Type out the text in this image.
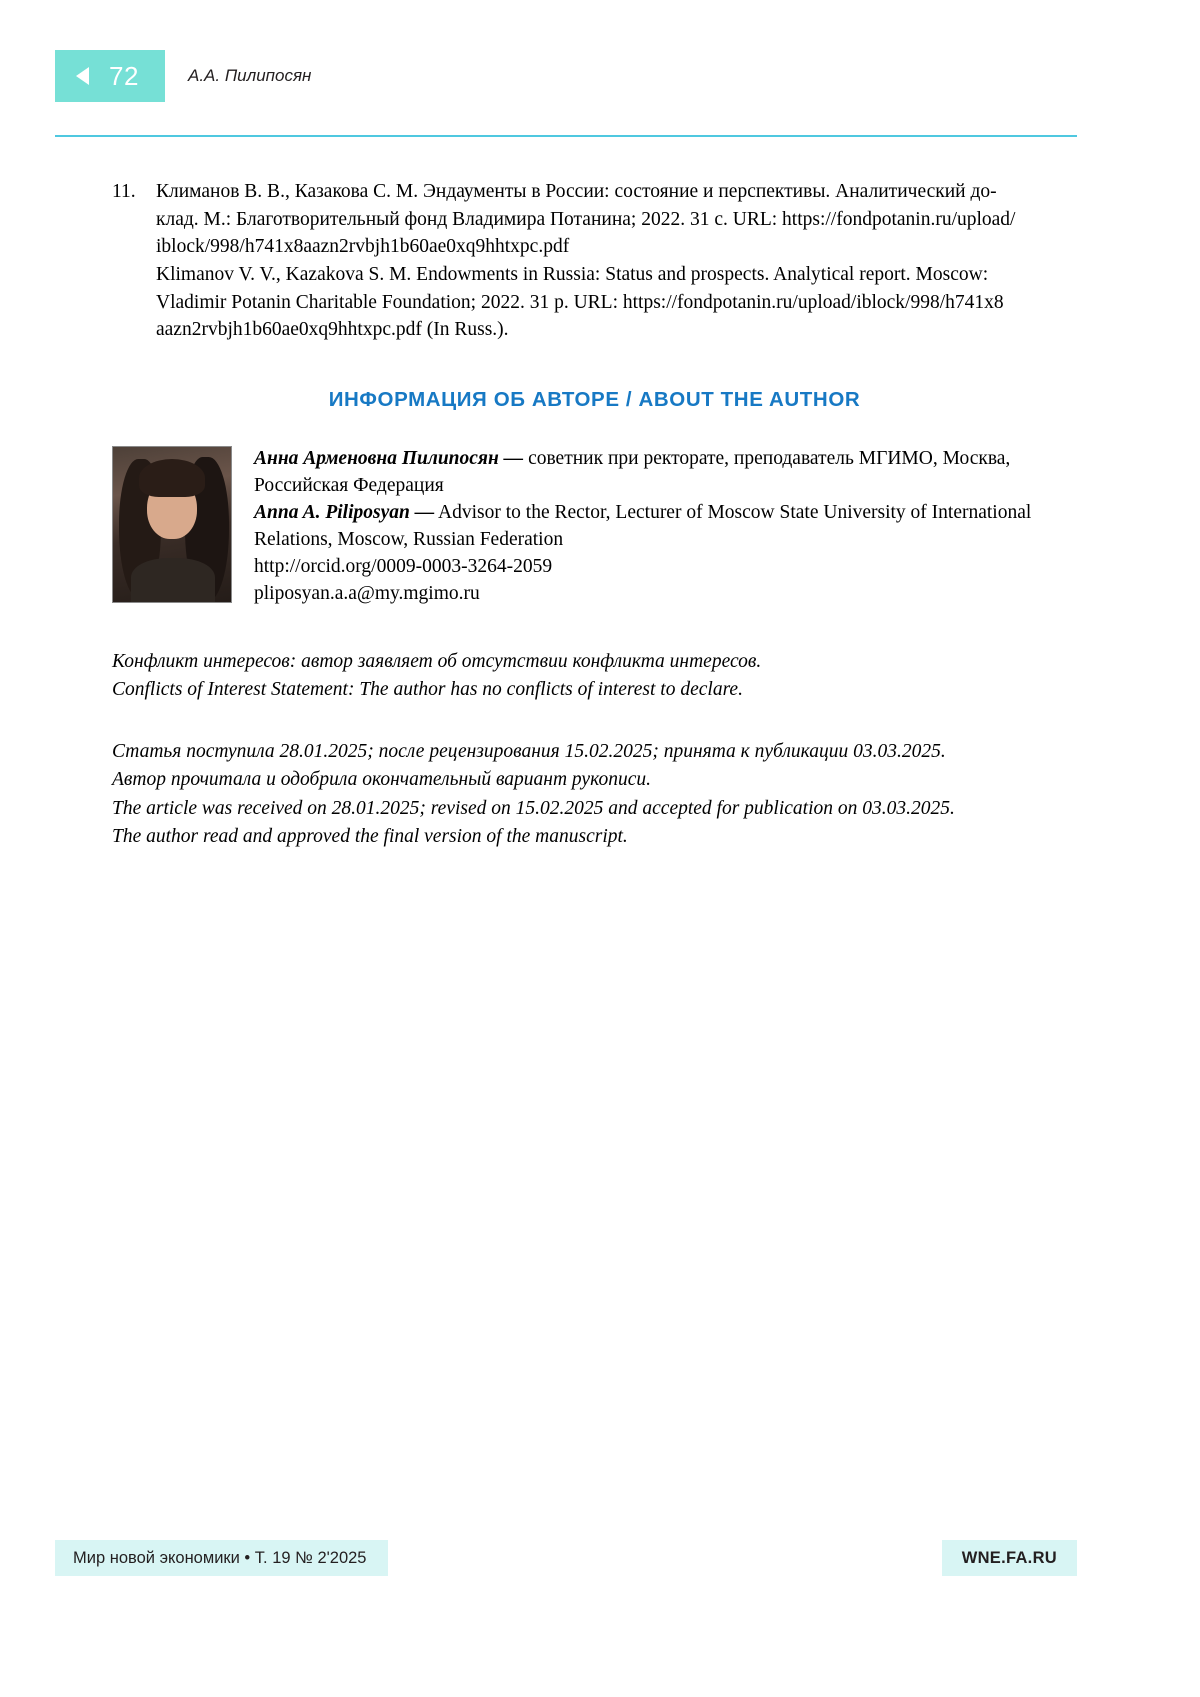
72	А.А. Пилипосян
11.	Климанов В. В., Казакова С. М. Эндаументы в России: состояние и перспективы. Аналитический до-
клад. М.: Благотворительный фонд Владимира Потанина; 2022. 31 с. URL: https://fondpotanin.ru/upload/
iblock/998/h741x8aazn2rvbjh1b60ae0xq9hhtxpc.pdf
Klimanov V. V., Kazakova S. M. Endowments in Russia: Status and prospects. Analytical report. Moscow:
Vladimir Potanin Charitable Foundation; 2022. 31 p. URL: https://fondpotanin.ru/upload/iblock/998/h741x8
aazn2rvbjh1b60ae0xq9hhtxpc.pdf (In Russ.).
ИНФОРМАЦИЯ ОБ АВТОРЕ / ABOUT THE AUTHOR
Анна Арменовна Пилипосян — советник при ректорате, преподаватель МГИМО, Москва,
Российская Федерация
Anna A. Piliposyan — Advisor to the Rector, Lecturer of Moscow State University of International
Relations, Moscow, Russian Federation
http://orcid.org/0009-0003-3264-2059
pliposyan.a.a@my.mgimo.ru
Конфликт интересов: автор заявляет об отсутствии конфликта интересов.
Conflicts of Interest Statement: The author has no conflicts of interest to declare.
Статья поступила 28.01.2025; после рецензирования 15.02.2025; принята к публикации 03.03.2025.
Автор прочитала и одобрила окончательный вариант рукописи.
The article was received on 28.01.2025; revised on 15.02.2025 and accepted for publication on 03.03.2025.
The author read and approved the final version of the manuscript.
Мир новой экономики • Т. 19 № 2'2025	WNE.FA.RU
